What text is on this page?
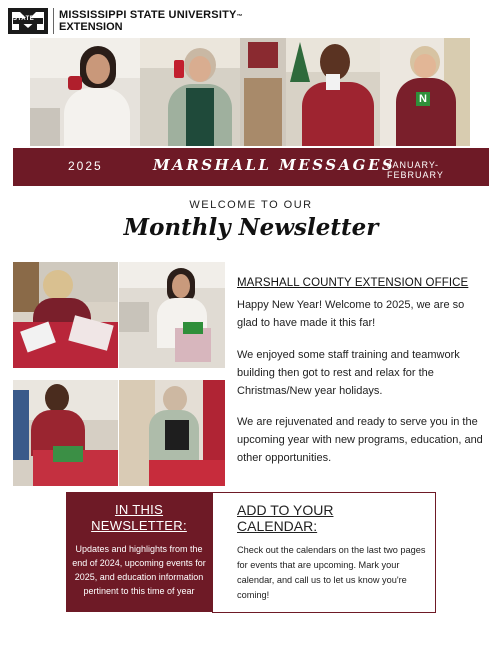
STATE MISSISSIPPI STATE UNIVERSITY™
EXTENSION
N
2025	MARSHALL MESSAGES
JANUARY-FEBRUARY
WELCOME TO OUR
Monthly Newsletter
MARSHALL COUNTY EXTENSION OFFICE
Happy New Year! Welcome to 2025, we are so glad to have made it this far!
We enjoyed some staff training and teamwork building then got to rest and relax for the Christmas/New year holidays.
We are rejuvenated and ready to serve you in the upcoming year with new programs, education, and other opportunities.
IN THIS
NEWSLETTER:
Updates and highlights from the end of 2024, upcoming events for 2025, and education information pertinent to this time of year
ADD TO YOUR
CALENDAR:
Check out the calendars on the last two pages for events that are upcoming. Mark your calendar, and call us to let us know you're coming!
